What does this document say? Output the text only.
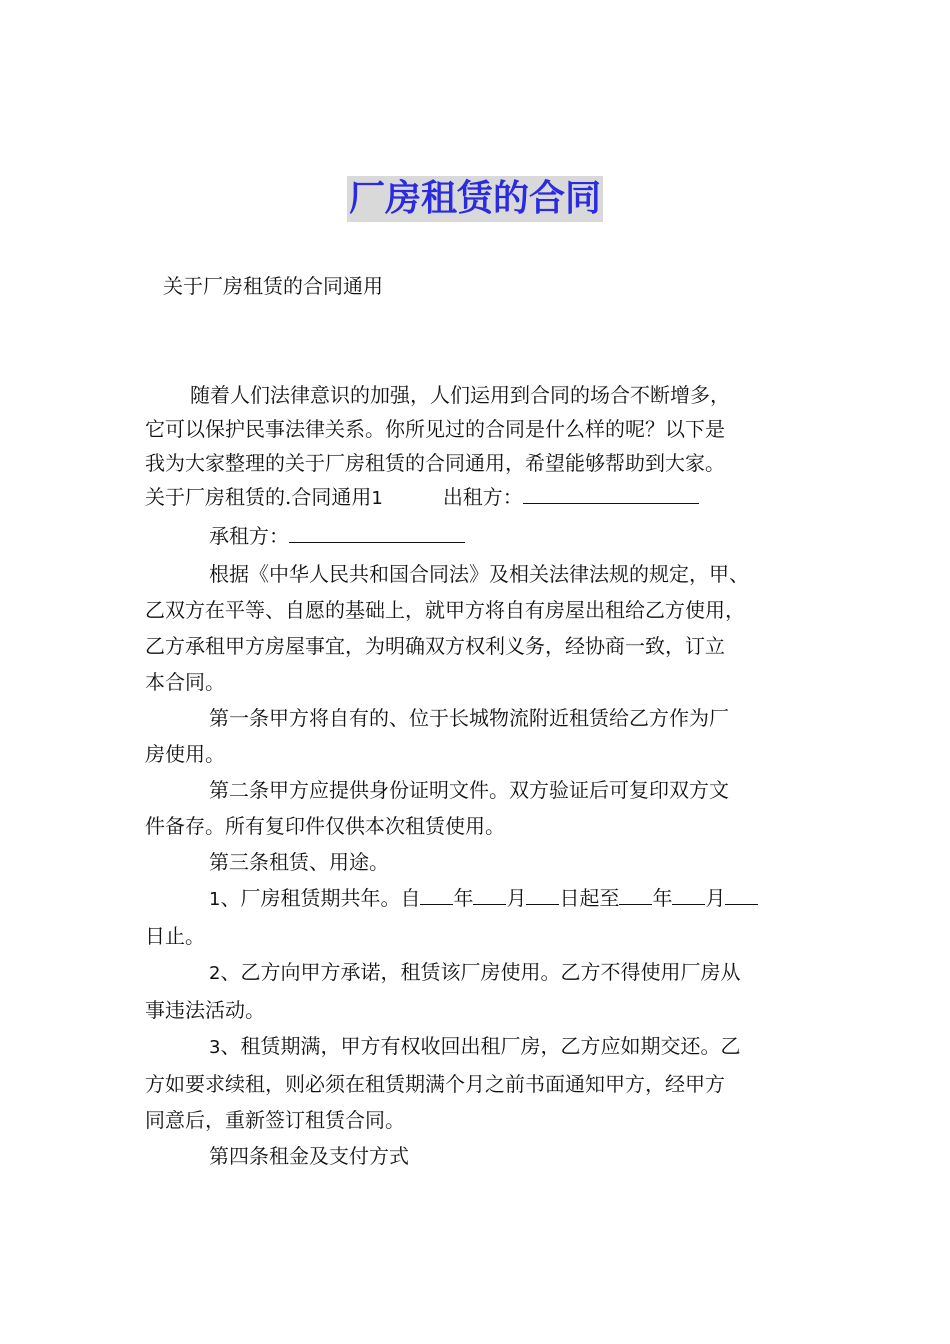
厂房租赁的合同
关于厂房租赁的合同通用

随着人们法律意识的加强，人们运用到合同的场合不断增多，

它可以保护民事法律关系。你所见过的合同是什么样的呢？以下是

我为大家整理的关于厂房租赁的合同通用，希望能够帮助到大家。

关于厂房租赁的.合同通用1	出租方：

承租方：

根据《中华人民共和国合同法》及相关法律法规的规定，甲、

乙双方在平等、自愿的基础上，就甲方将自有房屋出租给乙方使用，

乙方承租甲方房屋事宜，为明确双方权利义务，经协商一致，订立

本合同。

第一条甲方将自有的、位于长城物流附近租赁给乙方作为厂

房使用。

第二条甲方应提供身份证明文件。双方验证后可复印双方文

件备存。所有复印件仅供本次租赁使用。

第三条租赁、用途。

1、厂房租赁期共年。自 年 月 日起至 年 月

日止。

2、乙方向甲方承诺，租赁该厂房使用。乙方不得使用厂房从

事违法活动。

3、租赁期满，甲方有权收回出租厂房，乙方应如期交还。乙

方如要求续租，则必须在租赁期满个月之前书面通知甲方，经甲方

同意后，重新签订租赁合同。

第四条租金及支付方式
